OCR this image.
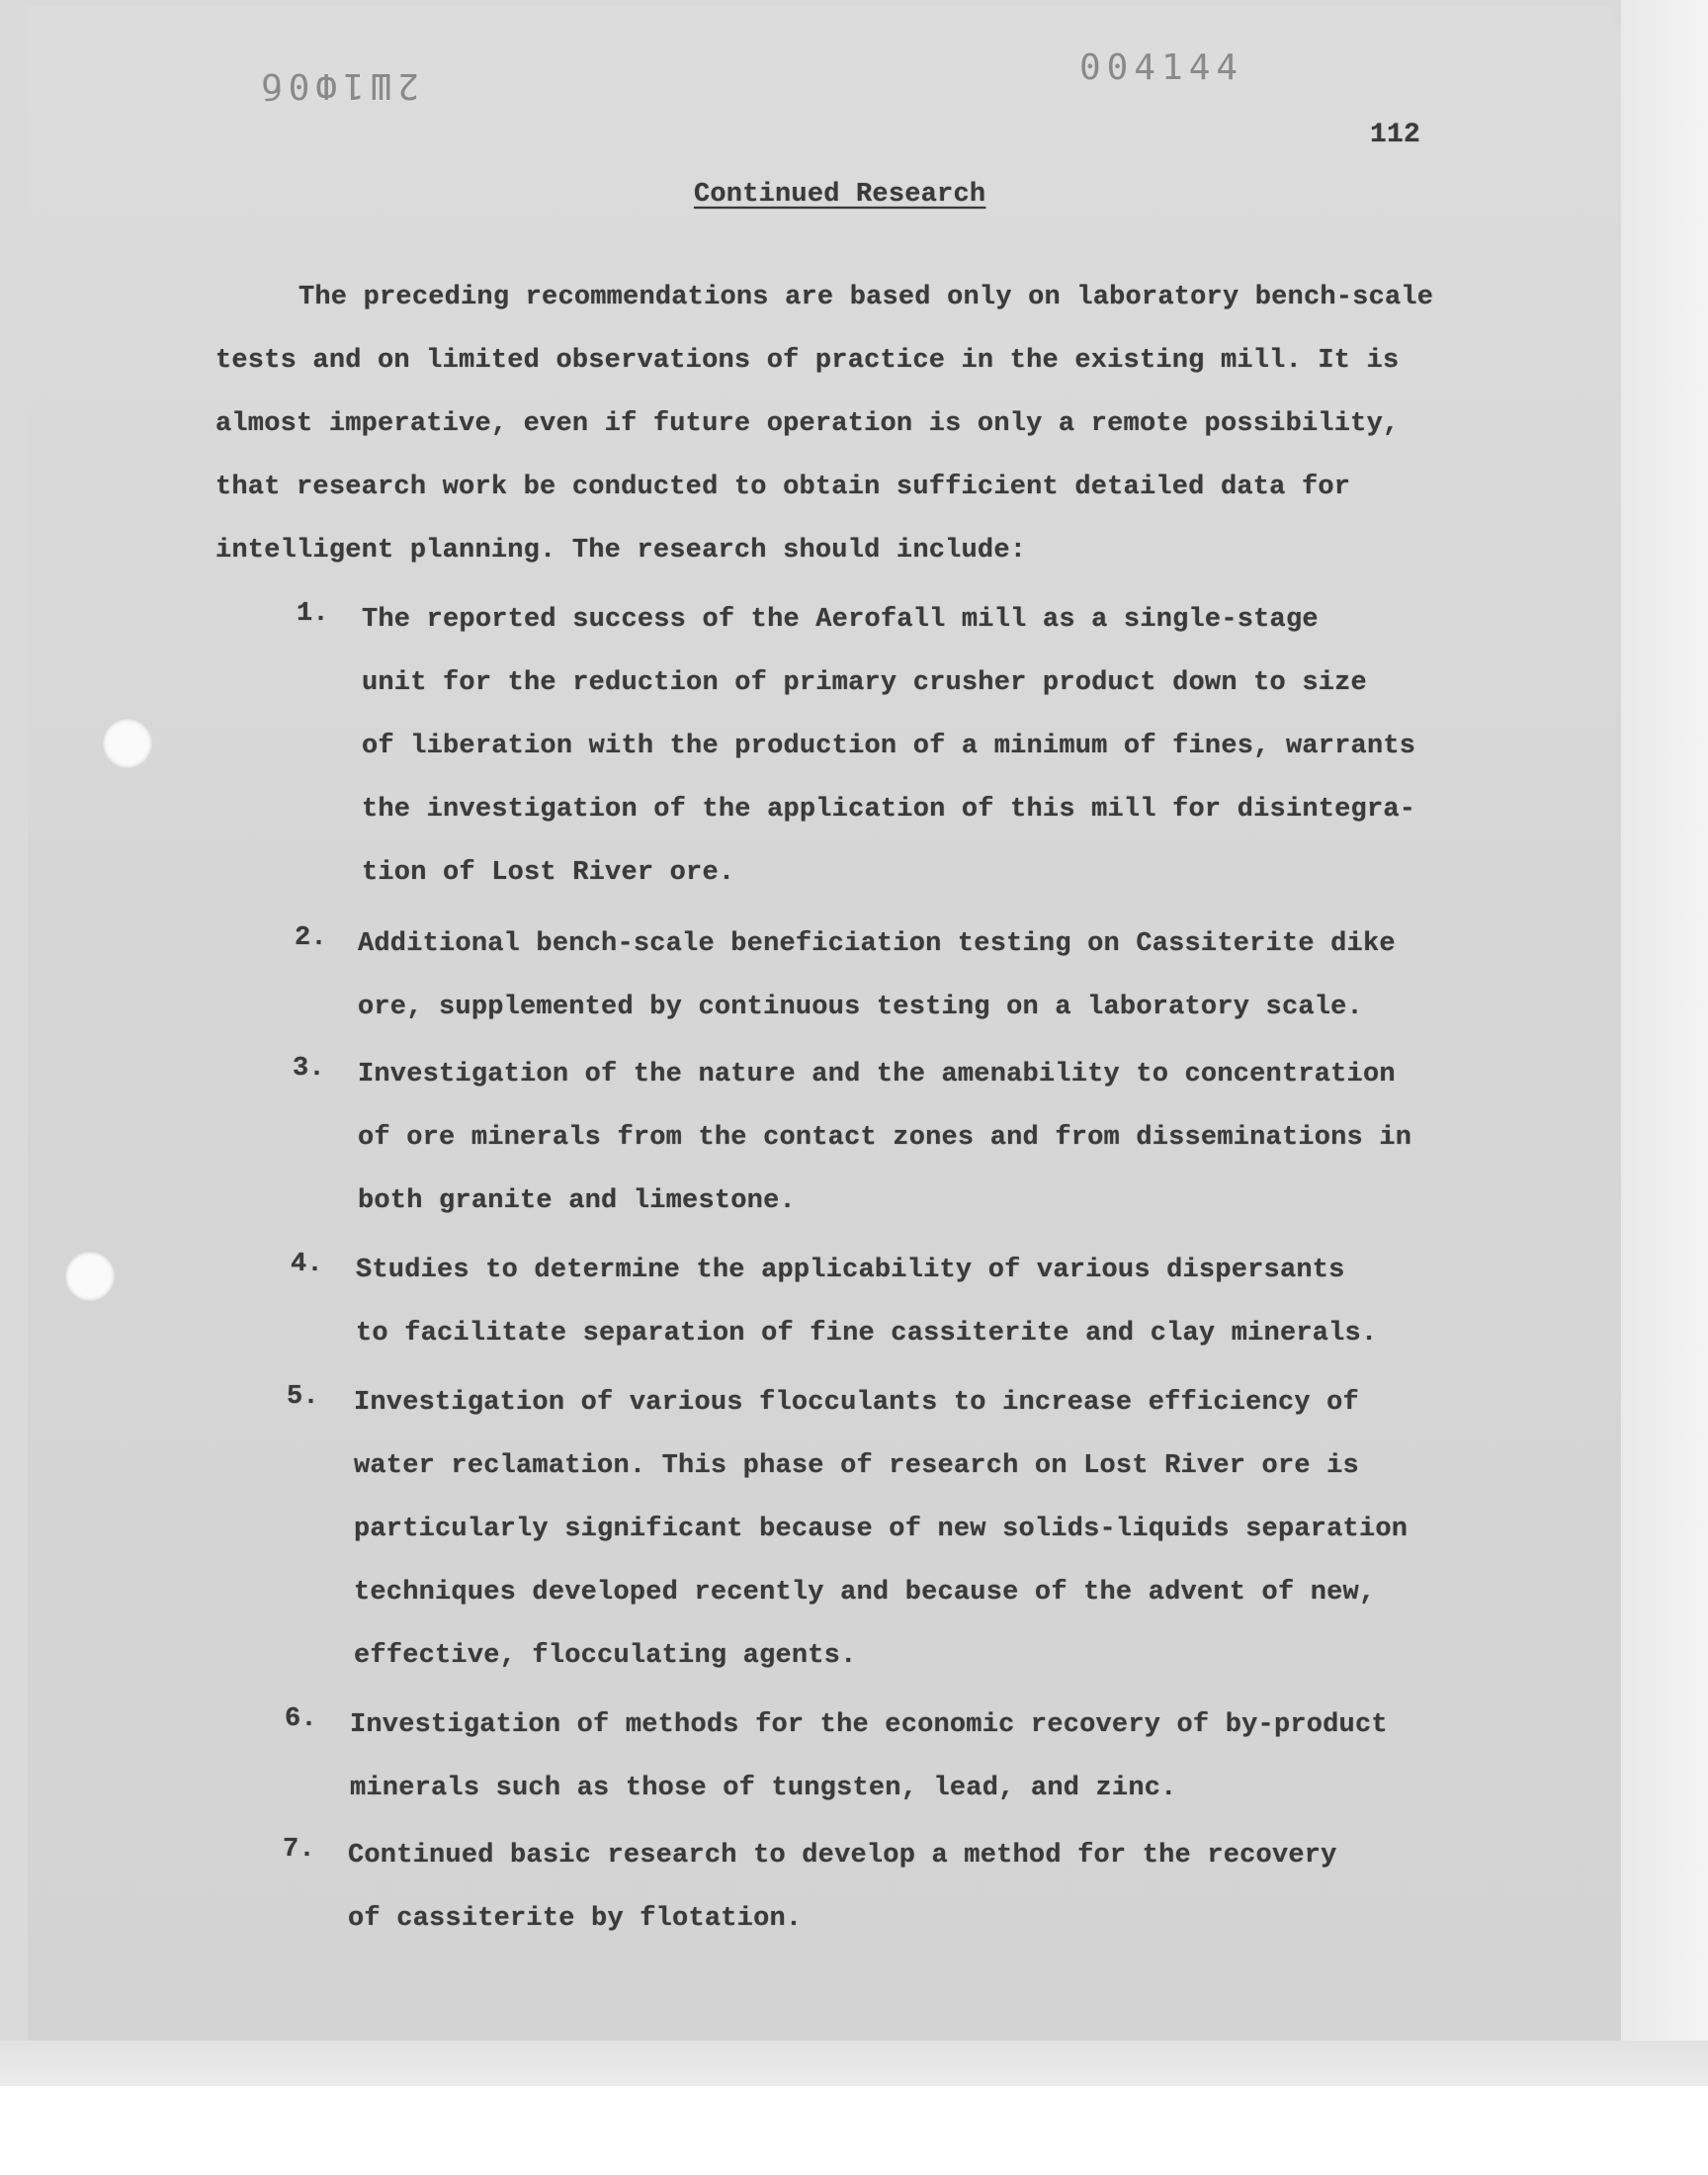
2Ш1Ф0б	004144
112
Continued Research
The preceding recommendations are based only on laboratory bench-scale
tests and on limited observations of practice in the existing mill. It is
almost imperative, even if future operation is only a remote possibility,
that research work be conducted to obtain sufficient detailed data for
intelligent planning. The research should include:
1. The reported success of the Aerofall mill as a single-stage
unit for the reduction of primary crusher product down to size
of liberation with the production of a minimum of fines, warrants
the investigation of the application of this mill for disintegra-
tion of Lost River ore.
2. Additional bench-scale beneficiation testing on Cassiterite dike
ore, supplemented by continuous testing on a laboratory scale.
3. Investigation of the nature and the amenability to concentration
of ore minerals from the contact zones and from disseminations in
both granite and limestone.
4. Studies to determine the applicability of various dispersants
to facilitate separation of fine cassiterite and clay minerals.
5. Investigation of various flocculants to increase efficiency of
water reclamation. This phase of research on Lost River ore is
particularly significant because of new solids-liquids separation
techniques developed recently and because of the advent of new,
effective, flocculating agents.
6. Investigation of methods for the economic recovery of by-product
minerals such as those of tungsten, lead, and zinc.
7. Continued basic research to develop a method for the recovery
of cassiterite by flotation.
